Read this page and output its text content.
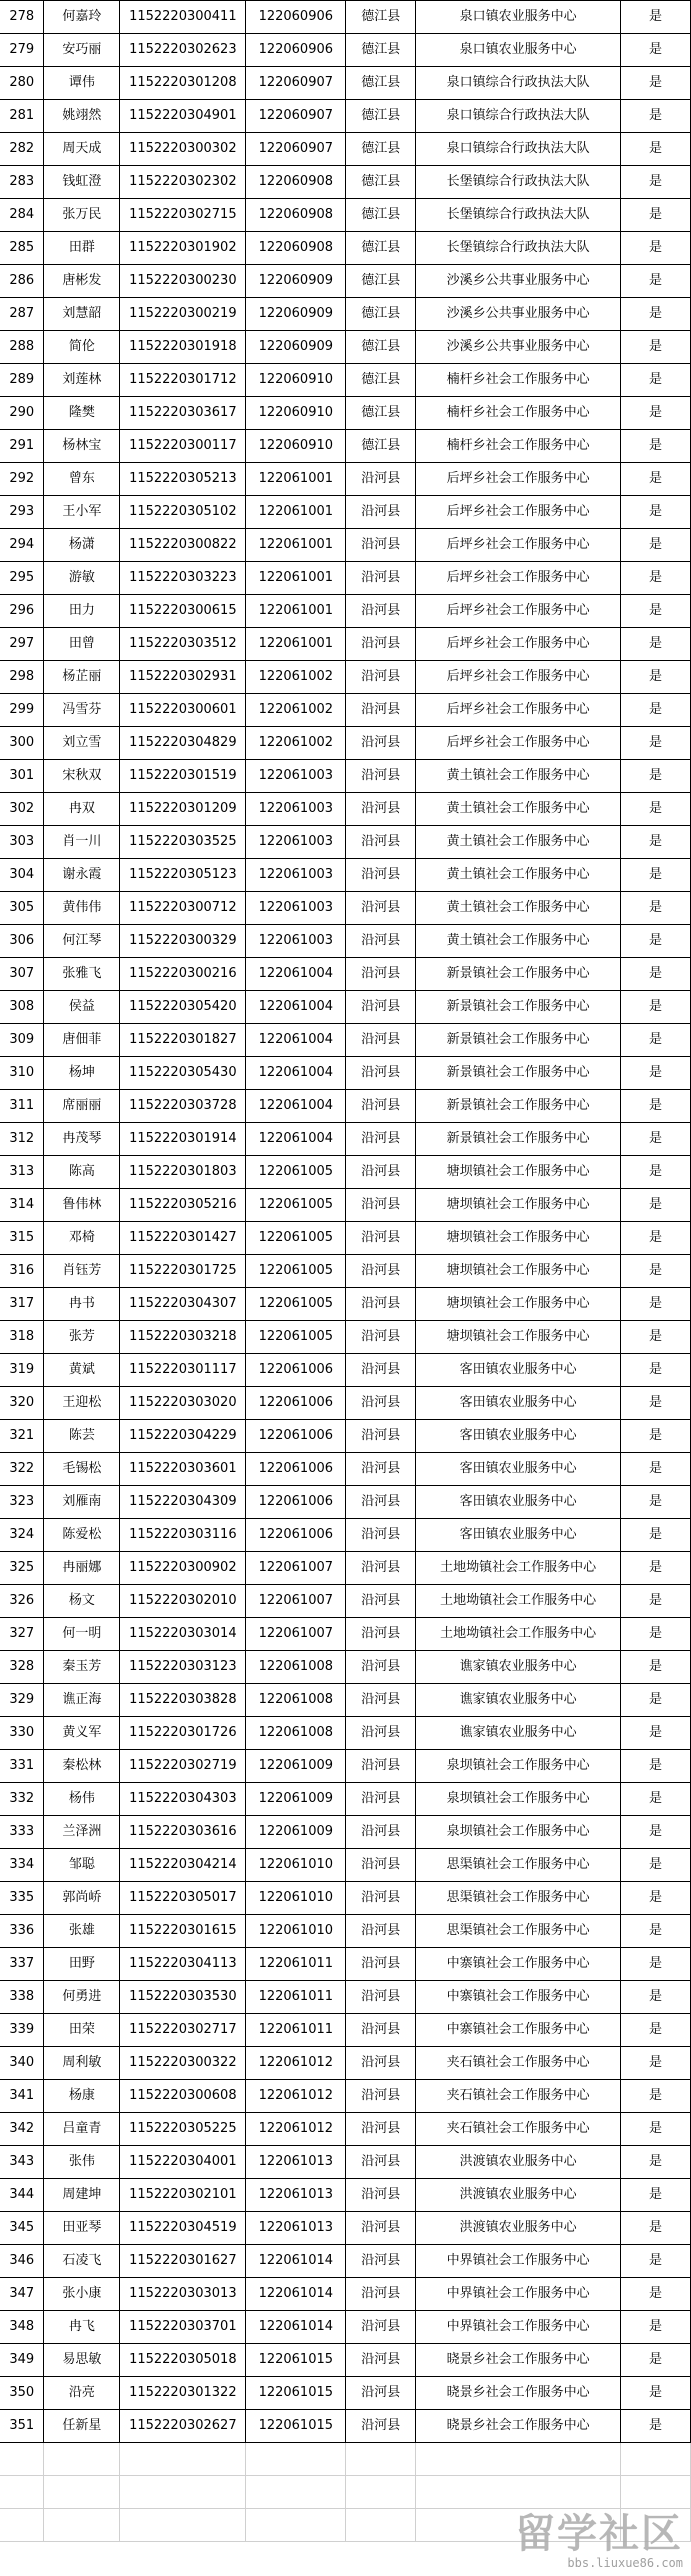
278	何嘉玲	1152220300411	122060906	德江县	泉口镇农业服务中心	是
279	安巧丽	1152220302623	122060906	德江县	泉口镇农业服务中心	是
280	谭伟	1152220301208	122060907	德江县	泉口镇综合行政执法大队	是
281	姚翊然	1152220304901	122060907	德江县	泉口镇综合行政执法大队	是
282	周天成	1152220300302	122060907	德江县	泉口镇综合行政执法大队	是
283	钱虹澄	1152220302302	122060908	德江县	长堡镇综合行政执法大队	是
284	张万民	1152220302715	122060908	德江县	长堡镇综合行政执法大队	是
285	田群	1152220301902	122060908	德江县	长堡镇综合行政执法大队	是
286	唐彬发	1152220300230	122060909	德江县	沙溪乡公共事业服务中心	是
287	刘慧韶	1152220300219	122060909	德江县	沙溪乡公共事业服务中心	是
288	简伦	1152220301918	122060909	德江县	沙溪乡公共事业服务中心	是
289	刘莲林	1152220301712	122060910	德江县	楠杆乡社会工作服务中心	是
290	隆樊	1152220303617	122060910	德江县	楠杆乡社会工作服务中心	是
291	杨林宝	1152220300117	122060910	德江县	楠杆乡社会工作服务中心	是
292	曾东	1152220305213	122061001	沿河县	后坪乡社会工作服务中心	是
293	王小军	1152220305102	122061001	沿河县	后坪乡社会工作服务中心	是
294	杨潇	1152220300822	122061001	沿河县	后坪乡社会工作服务中心	是
295	游敏	1152220303223	122061001	沿河县	后坪乡社会工作服务中心	是
296	田力	1152220300615	122061001	沿河县	后坪乡社会工作服务中心	是
297	田曾	1152220303512	122061001	沿河县	后坪乡社会工作服务中心	是
298	杨芷丽	1152220302931	122061002	沿河县	后坪乡社会工作服务中心	是
299	冯雪芬	1152220300601	122061002	沿河县	后坪乡社会工作服务中心	是
300	刘立雪	1152220304829	122061002	沿河县	后坪乡社会工作服务中心	是
301	宋秋双	1152220301519	122061003	沿河县	黄土镇社会工作服务中心	是
302	冉双	1152220301209	122061003	沿河县	黄土镇社会工作服务中心	是
303	肖一川	1152220303525	122061003	沿河县	黄土镇社会工作服务中心	是
304	谢永霞	1152220305123	122061003	沿河县	黄土镇社会工作服务中心	是
305	黄伟伟	1152220300712	122061003	沿河县	黄土镇社会工作服务中心	是
306	何江琴	1152220300329	122061003	沿河县	黄土镇社会工作服务中心	是
307	张雅飞	1152220300216	122061004	沿河县	新景镇社会工作服务中心	是
308	侯益	1152220305420	122061004	沿河县	新景镇社会工作服务中心	是
309	唐佃菲	1152220301827	122061004	沿河县	新景镇社会工作服务中心	是
310	杨坤	1152220305430	122061004	沿河县	新景镇社会工作服务中心	是
311	席丽丽	1152220303728	122061004	沿河县	新景镇社会工作服务中心	是
312	冉茂琴	1152220301914	122061004	沿河县	新景镇社会工作服务中心	是
313	陈高	1152220301803	122061005	沿河县	塘坝镇社会工作服务中心	是
314	鲁伟林	1152220305216	122061005	沿河县	塘坝镇社会工作服务中心	是
315	邓椅	1152220301427	122061005	沿河县	塘坝镇社会工作服务中心	是
316	肖钰芳	1152220301725	122061005	沿河县	塘坝镇社会工作服务中心	是
317	冉书	1152220304307	122061005	沿河县	塘坝镇社会工作服务中心	是
318	张芳	1152220303218	122061005	沿河县	塘坝镇社会工作服务中心	是
319	黄斌	1152220301117	122061006	沿河县	客田镇农业服务中心	是
320	王迎松	1152220303020	122061006	沿河县	客田镇农业服务中心	是
321	陈芸	1152220304229	122061006	沿河县	客田镇农业服务中心	是
322	毛锡松	1152220303601	122061006	沿河县	客田镇农业服务中心	是
323	刘雁南	1152220304309	122061006	沿河县	客田镇农业服务中心	是
324	陈爱松	1152220303116	122061006	沿河县	客田镇农业服务中心	是
325	冉丽娜	1152220300902	122061007	沿河县	土地坳镇社会工作服务中心	是
326	杨文	1152220302010	122061007	沿河县	土地坳镇社会工作服务中心	是
327	何一明	1152220303014	122061007	沿河县	土地坳镇社会工作服务中心	是
328	秦玉芳	1152220303123	122061008	沿河县	谯家镇农业服务中心	是
329	谯正海	1152220303828	122061008	沿河县	谯家镇农业服务中心	是
330	黄义军	1152220301726	122061008	沿河县	谯家镇农业服务中心	是
331	秦松林	1152220302719	122061009	沿河县	泉坝镇社会工作服务中心	是
332	杨伟	1152220304303	122061009	沿河县	泉坝镇社会工作服务中心	是
333	兰泽洲	1152220303616	122061009	沿河县	泉坝镇社会工作服务中心	是
334	邹聪	1152220304214	122061010	沿河县	思渠镇社会工作服务中心	是
335	郭尚峤	1152220305017	122061010	沿河县	思渠镇社会工作服务中心	是
336	张雄	1152220301615	122061010	沿河县	思渠镇社会工作服务中心	是
337	田野	1152220304113	122061011	沿河县	中寨镇社会工作服务中心	是
338	何勇进	1152220303530	122061011	沿河县	中寨镇社会工作服务中心	是
339	田荣	1152220302717	122061011	沿河县	中寨镇社会工作服务中心	是
340	周利敏	1152220300322	122061012	沿河县	夹石镇社会工作服务中心	是
341	杨康	1152220300608	122061012	沿河县	夹石镇社会工作服务中心	是
342	吕童青	1152220305225	122061012	沿河县	夹石镇社会工作服务中心	是
343	张伟	1152220304001	122061013	沿河县	洪渡镇农业服务中心	是
344	周建坤	1152220302101	122061013	沿河县	洪渡镇农业服务中心	是
345	田亚琴	1152220304519	122061013	沿河县	洪渡镇农业服务中心	是
346	石凌飞	1152220301627	122061014	沿河县	中界镇社会工作服务中心	是
347	张小康	1152220303013	122061014	沿河县	中界镇社会工作服务中心	是
348	冉飞	1152220303701	122061014	沿河县	中界镇社会工作服务中心	是
349	易思敏	1152220305018	122061015	沿河县	晓景乡社会工作服务中心	是
350	沿亮	1152220301322	122061015	沿河县	晓景乡社会工作服务中心	是
351	任新星	1152220302627	122061015	沿河县	晓景乡社会工作服务中心	是

留学社区
bbs.liuxue86.com
